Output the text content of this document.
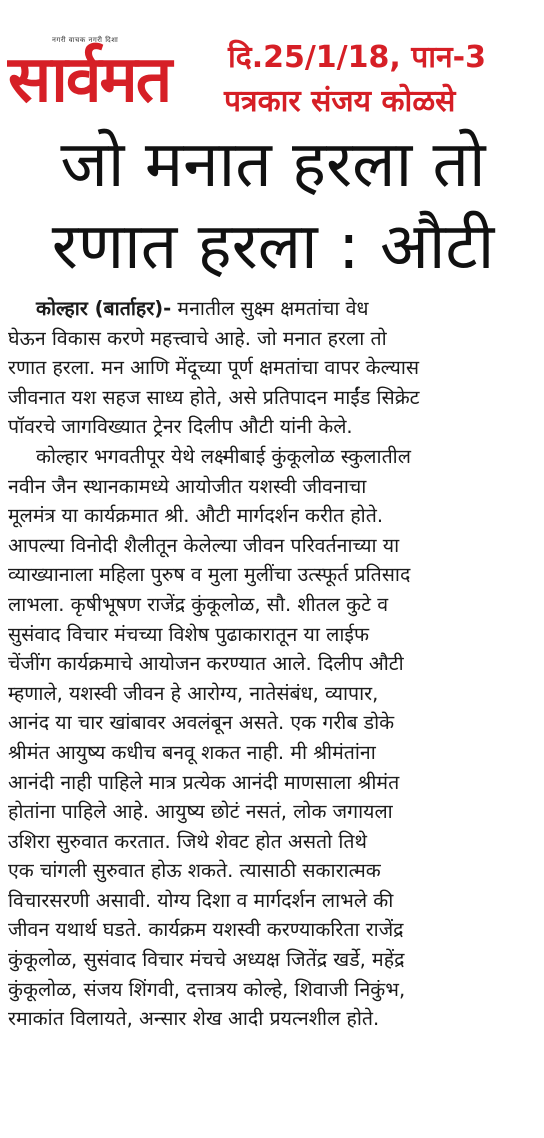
नगरी वाचक नगरी दिशा
सार्वमत दि.25/1/18, पान-3
पत्रकार संजय कोळसे
जो मनात हरला तो
रणात हरला : औटी
कोल्हार (बार्ताहर)- मनातील सुक्ष्म क्षमतांचा वेध
घेऊन विकास करणे महत्त्वाचे आहे. जो मनात हरला तो
रणात हरला. मन आणि मेंदूच्या पूर्ण क्षमतांचा वापर केल्यास
जीवनात यश सहज साध्य होते, असे प्रतिपादन माईंड सिक्रेट
पॉवरचे जागविख्यात ट्रेनर दिलीप औटी यांनी केले.
कोल्हार भगवतीपूर येथे लक्ष्मीबाई कुंकूलोळ स्कुलातील
नवीन जैन स्थानकामध्ये आयोजीत यशस्वी जीवनाचा
मूलमंत्र या कार्यक्रमात श्री. औटी मार्गदर्शन करीत होते.
आपल्या विनोदी शैलीतून केलेल्या जीवन परिवर्तनाच्या या
व्याख्यानाला महिला पुरुष व मुला मुलींचा उत्स्फूर्त प्रतिसाद
लाभला. कृषीभूषण राजेंद्र कुंकूलोळ, सौ. शीतल कुटे व
सुसंवाद विचार मंचच्या विशेष पुढाकारातून या लाईफ
चेंजींग कार्यक्रमाचे आयोजन करण्यात आले. दिलीप औटी
म्हणाले, यशस्वी जीवन हे आरोग्य, नातेसंबंध, व्यापार,
आनंद या चार खांबावर अवलंबून असते. एक गरीब डोके
श्रीमंत आयुष्य कधीच बनवू शकत नाही. मी श्रीमंतांना
आनंदी नाही पाहिले मात्र प्रत्येक आनंदी माणसाला श्रीमंत
होतांना पाहिले आहे. आयुष्य छोटं नसतं, लोक जगायला
उशिरा सुरुवात करतात. जिथे शेवट होत असतो तिथे
एक चांगली सुरुवात होऊ शकते. त्यासाठी सकारात्मक
विचारसरणी असावी. योग्य दिशा व मार्गदर्शन लाभले की
जीवन यथार्थ घडते. कार्यक्रम यशस्वी करण्याकरिता राजेंद्र
कुंकूलोळ, सुसंवाद विचार मंचचे अध्यक्ष जितेंद्र खर्डे, महेंद्र
कुंकूलोळ, संजय शिंगवी, दत्तात्रय कोल्हे, शिवाजी निकुंभ,
रमाकांत विलायते, अन्सार शेख आदी प्रयत्नशील होते.
